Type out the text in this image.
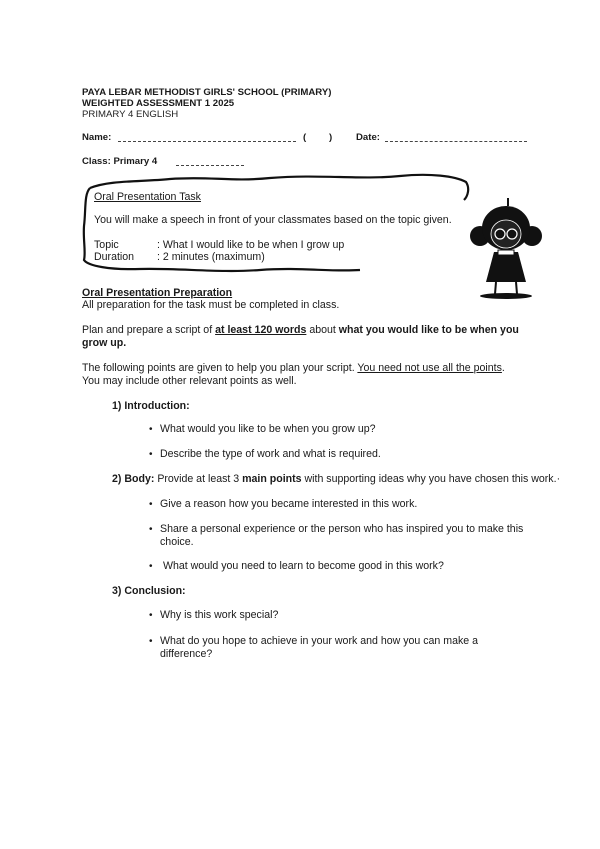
PAYA LEBAR METHODIST GIRLS' SCHOOL (PRIMARY)
WEIGHTED ASSESSMENT 1 2025
PRIMARY 4 ENGLISH
Name:	( ) Date:
Class: Primary 4
Oral Presentation Task
You will make a speech in front of your classmates based on the topic given.
Topic	: What I would like to be when I grow up
Duration : 2 minutes (maximum)
Oral Presentation Preparation
All preparation for the task must be completed in class.
Plan and prepare a script of at least 120 words about what you would like to be when you grow up.
The following points are given to help you plan your script. You need not use all the points.
You may include other relevant points as well.
1) Introduction:
• What would you like to be when you grow up?
• Describe the type of work and what is required.
2) Body: Provide at least 3 main points with supporting ideas why you have chosen this work.·
• Give a reason how you became interested in this work.
• Share a personal experience or the person who has inspired you to make this choice.
• What would you need to learn to become good in this work?
3) Conclusion:
• Why is this work special?
• What do you hope to achieve in your work and how you can make a difference?
